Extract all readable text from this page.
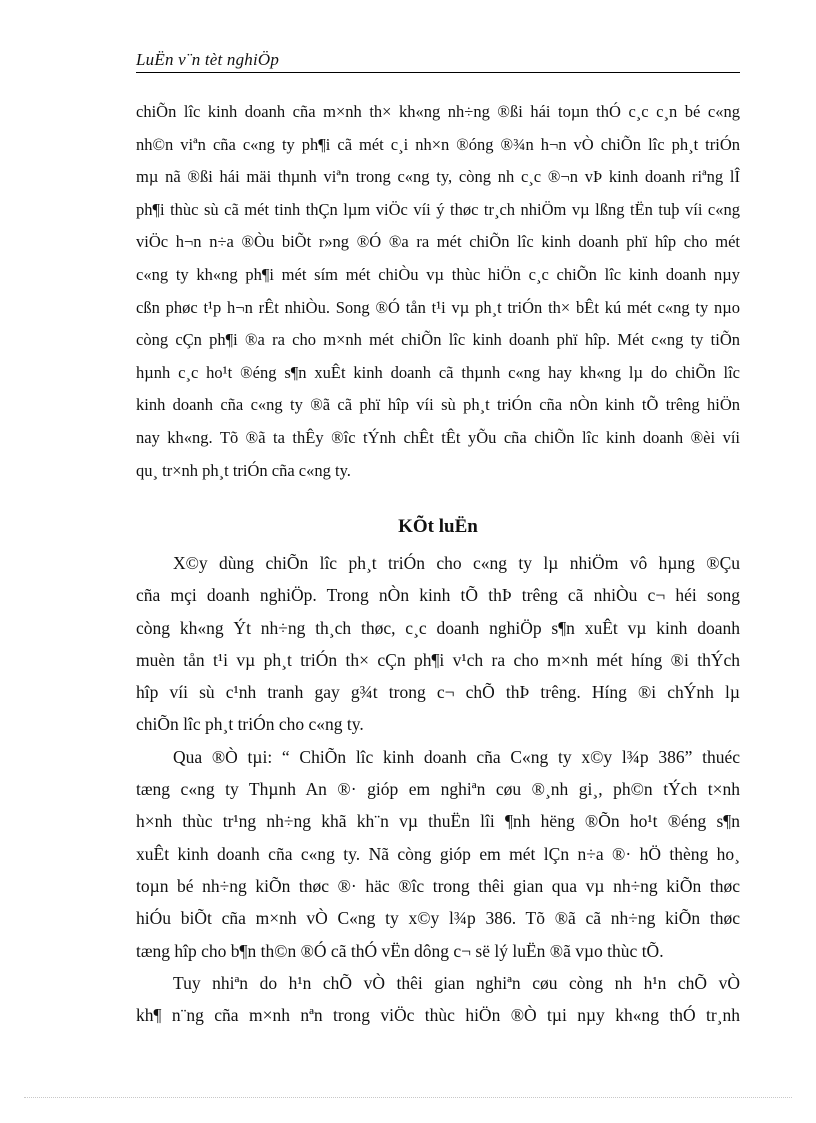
LuËn v¨n tèt nghiÖp
chiÕn lîc kinh doanh cña m×nh th× kh«ng nh÷ng ®ßi hái toµn thÓ c¸c c¸n bé c«ng
nh©n viªn cña c«ng ty ph¶i cã mét c¸i nh×n ®óng ®¾n h¬n vÒ chiÕn lîc ph¸t triÓn
mµ nã ®ßi hái mäi thµnh viªn trong c«ng ty, còng nh c¸c ®¬n vÞ kinh doanh riªng lÎ
ph¶i thùc sù cã mét tinh thÇn lµm viÖc víi ý thøc tr¸ch nhiÖm vµ lßng tËn tuþ víi c«ng
viÖc h¬n n÷a ®Òu biÕt r»ng ®Ó ®a ra mét chiÕn lîc kinh doanh phï hîp cho mét
c«ng ty kh«ng ph¶i mét sím mét chiÒu vµ thùc hiÖn c¸c chiÕn lîc kinh doanh nµy
cßn phøc t¹p h¬n rÊt nhiÒu. Song ®Ó tån t¹i vµ ph¸t triÓn th× bÊt kú mét c«ng ty nµo
còng cÇn ph¶i ®a ra cho m×nh mét chiÕn lîc kinh doanh phï hîp. Mét c«ng ty tiÕn
hµnh c¸c ho¹t ®éng s¶n xuÊt kinh doanh cã thµnh c«ng hay kh«ng lµ do chiÕn lîc
kinh doanh cña c«ng ty ®ã cã phï hîp víi sù ph¸t triÓn cña nÒn kinh tÕ trêng hiÖn
nay kh«ng. Tõ ®ã ta thÊy ®îc tÝnh chÊt tÊt yÕu cña chiÕn lîc kinh doanh ®èi víi
qu¸ tr×nh ph¸t triÓn cña c«ng ty.
KÕt luËn
X©y dùng chiÕn lîc ph¸t triÓn cho c«ng ty lµ nhiÖm vô hµng ®Çu
cña mçi doanh nghiÖp. Trong nÒn kinh tÕ thÞ trêng cã nhiÒu c¬ héi song
còng kh«ng Ýt nh÷ng th¸ch thøc, c¸c doanh nghiÖp s¶n xuÊt vµ kinh doanh
muèn tån t¹i vµ ph¸t triÓn th× cÇn ph¶i v¹ch ra cho m×nh mét híng ®i thÝch
hîp víi sù c¹nh tranh gay g¾t trong c¬ chÕ thÞ trêng. Híng ®i chÝnh lµ
chiÕn lîc ph¸t triÓn cho c«ng ty.
Qua ®Ò tµi: “ ChiÕn lîc kinh doanh cña C«ng ty x©y l¾p 386” thuéc
tæng c«ng ty Thµnh An ®· gióp em nghiªn cøu ®¸nh gi¸, ph©n tÝch t×nh
h×nh thùc tr¹ng nh÷ng khã kh¨n vµ thuËn lîi ¶nh hëng ®Õn ho¹t ®éng s¶n
xuÊt kinh doanh cña c«ng ty. Nã còng gióp em mét lÇn n÷a ®· hÖ thèng ho¸
toµn bé nh÷ng kiÕn thøc ®· häc ®îc trong thêi gian qua vµ nh÷ng kiÕn thøc
hiÓu biÕt cña m×nh vÒ C«ng ty x©y l¾p 386. Tõ ®ã cã nh÷ng kiÕn thøc
tæng hîp cho b¶n th©n ®Ó cã thÓ vËn dông c¬ së lý luËn ®ã vµo thùc tÕ.
Tuy nhiªn do h¹n chÕ vÒ thêi gian nghiªn cøu còng nh h¹n chÕ vÒ
kh¶ n¨ng cña m×nh nªn trong viÖc thùc hiÖn ®Ò tµi nµy kh«ng thÓ tr¸nh
